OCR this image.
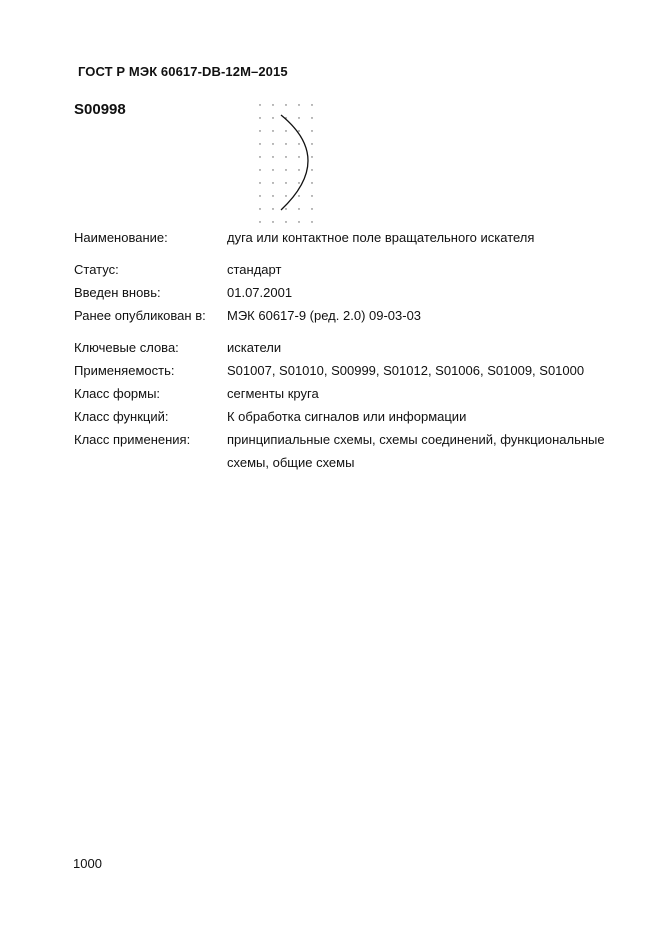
ГОСТ Р МЭК 60617-DB-12M–2015
S00998
Наименование:	дуга или контактное поле вращательного искателя
Статус:	стандарт
Введен вновь:	01.07.2001
Ранее опубликован в:	МЭК 60617-9 (ред. 2.0) 09-03-03
Ключевые слова:	искатели
Применяемость:	S01007, S01010, S00999, S01012, S01006, S01009, S01000
Класс формы:	сегменты круга
Класс функций:	К обработка сигналов или информации
Класс применения:	принципиальные схемы, схемы соединений, функциональные схемы, общие схемы
1000
